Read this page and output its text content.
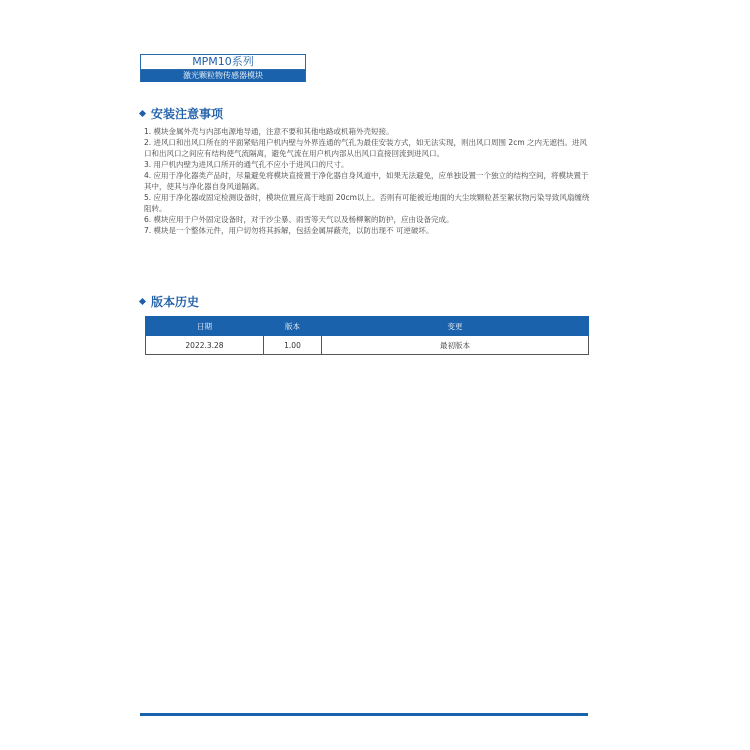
MPM10系列
激光颗粒物传感器模块
安装注意事项
1. 模块金属外壳与内部电源地导通，注意不要和其他电路或机箱外壳短接。
2. 进风口和出风口所在的平面紧贴用户机内壁与外界连通的气孔为最佳安装方式，如无法实现，则出风口周围 2cm 之内无遮挡。进风口和出风口之间应有结构使气流隔离，避免气流在用户机内部从出风口直接回流到进风口。
3. 用户机内壁为进风口所开的通气孔不应小于进风口的尺寸。
4. 应用于净化器类产品时，尽量避免将模块直接置于净化器自身风道中，如果无法避免，应单独设置一个独立的结构空间，将模块置于其中，使其与净化器自身风道隔离。
5. 应用于净化器或固定检测设备时，模块位置应高于地面 20cm以上。否则有可能被近地面的大尘埃颗粒甚至絮状物污染导致风扇缠绕阻转。
6. 模块应用于户外固定设备时，对于沙尘暴、雨雪等天气以及杨柳絮的防护，应由设备完成。
7. 模块是一个整体元件，用户切勿将其拆解，包括金属屏蔽壳，以防出现不 可逆破坏。
版本历史
日期	版本	变更
2022.3.28	1.00	最初版本
